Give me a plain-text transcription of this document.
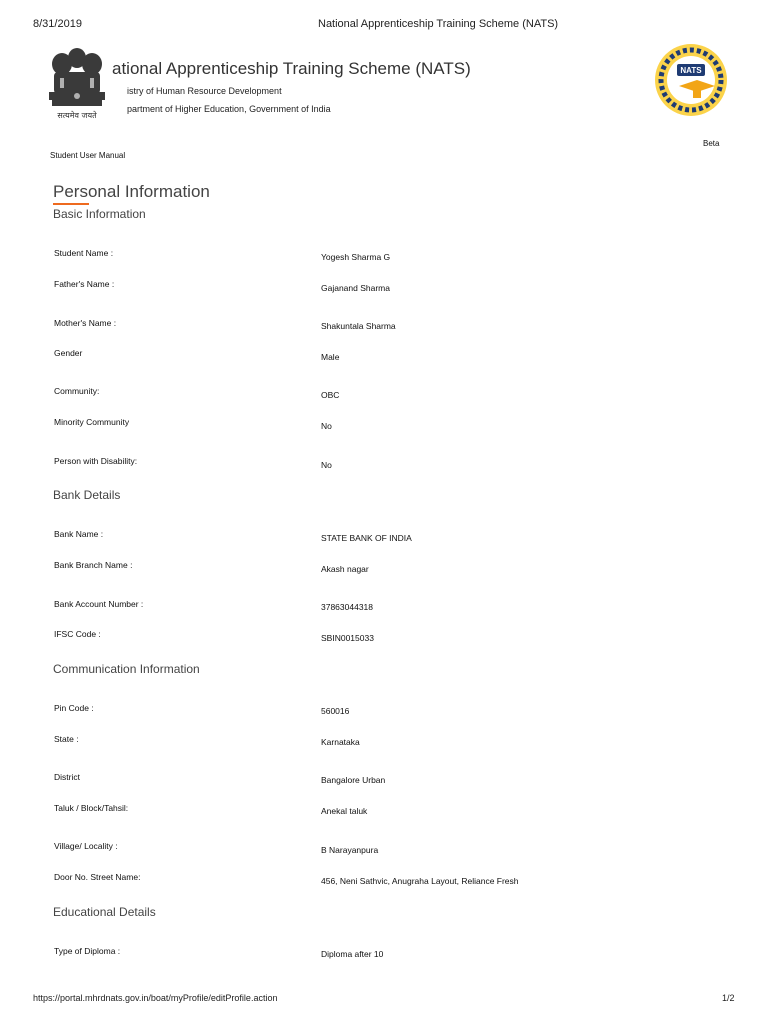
8/31/2019	National Apprenticeship Training Scheme (NATS)
सत्यमेव जयते
ational Apprenticeship Training Scheme (NATS)
istry of Human Resource Development
partment of Higher Education, Government of India
NATS
Beta
Student User Manual
Personal Information
Basic Information
Student Name :	Yogesh Sharma G
Father's Name :	Gajanand Sharma
Mother's Name :	Shakuntala Sharma
Gender	Male
Community:	OBC
Minority Community	No
Person with Disability:	No
Bank Details
Bank Name :	STATE BANK OF INDIA
Bank Branch Name :	Akash nagar
Bank Account Number :	37863044318
IFSC Code :	SBIN0015033
Communication Information
Pin Code :	560016
State :	Karnataka
District	Bangalore Urban
Taluk / Block/Tahsil:	Anekal taluk
Village/ Locality :	B Narayanpura
Door No. Street Name:	456, Neni Sathvic, Anugraha Layout, Reliance Fresh
Educational Details
Type of Diploma :	Diploma after 10
https://portal.mhrdnats.gov.in/boat/myProfile/editProfile.action	1/2
